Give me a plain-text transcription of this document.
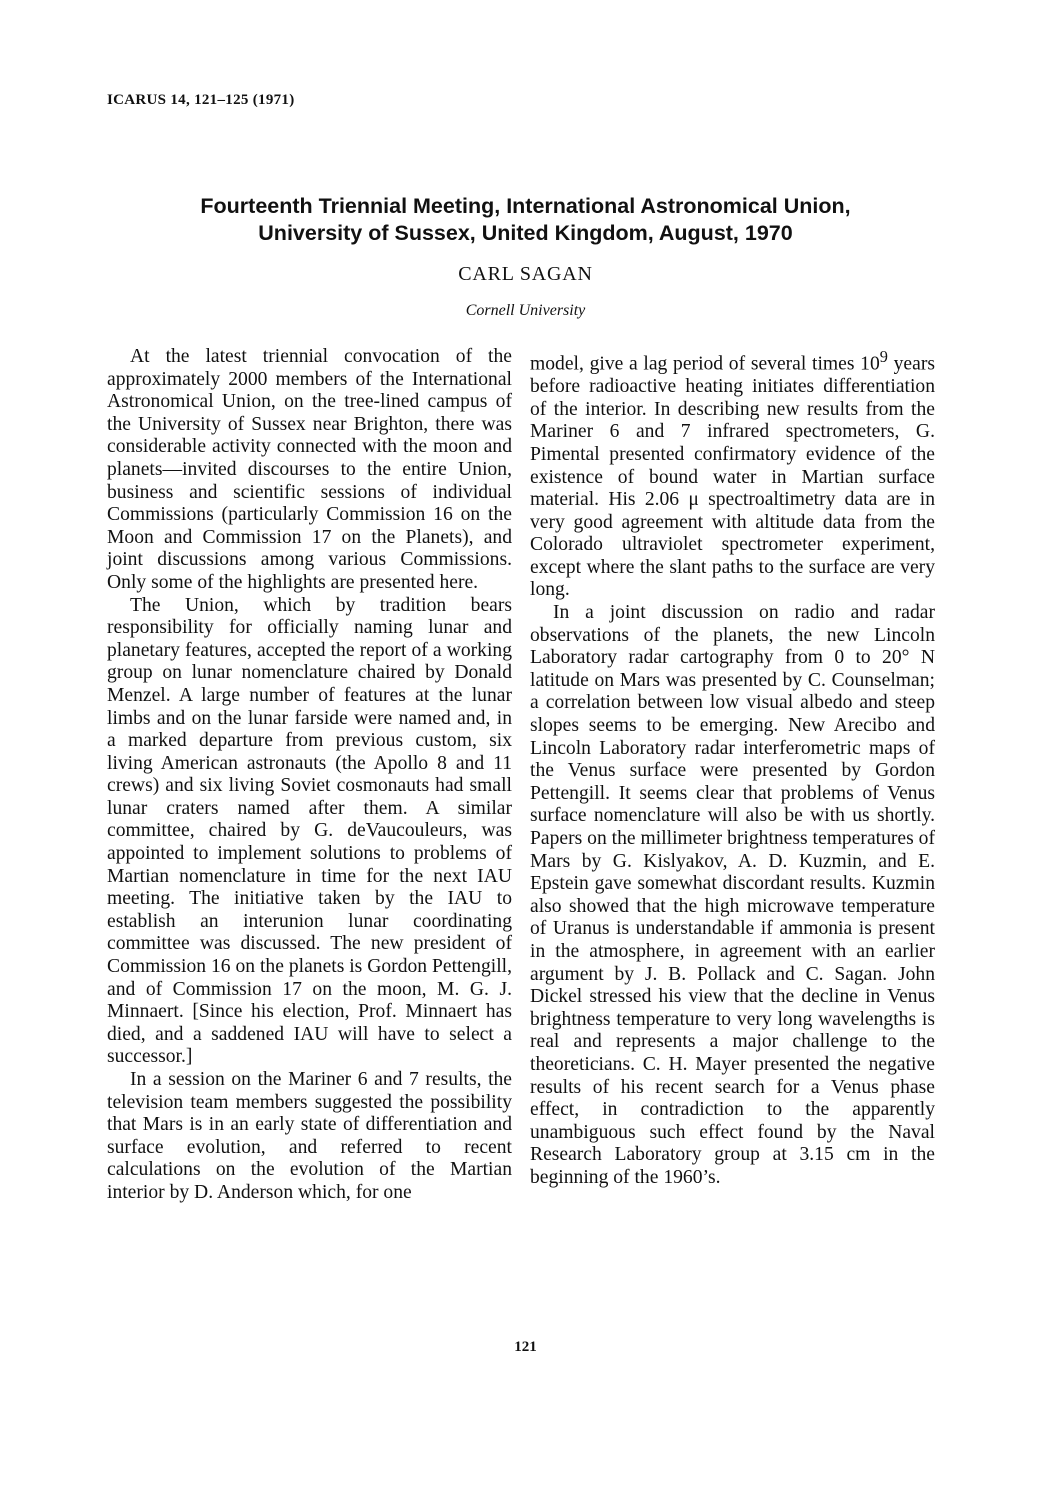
ICARUS 14, 121–125 (1971)
Fourteenth Triennial Meeting, International Astronomical Union,
University of Sussex, United Kingdom, August, 1970
CARL SAGAN
Cornell University

At the latest triennial convocation of the approximately 2000 members of the International Astronomical Union, on the tree-lined campus of the University of Sussex near Brighton, there was considerable activity connected with the moon and planets—invited discourses to the entire Union, business and scientific sessions of individual Commissions (particularly Commission 16 on the Moon and Commission 17 on the Planets), and joint discussions among various Commissions. Only some of the highlights are presented here.

The Union, which by tradition bears responsibility for officially naming lunar and planetary features, accepted the report of a working group on lunar nomenclature chaired by Donald Menzel. A large number of features at the lunar limbs and on the lunar farside were named and, in a marked departure from previous custom, six living American astronauts (the Apollo 8 and 11 crews) and six living Soviet cosmonauts had small lunar craters named after them. A similar committee, chaired by G. deVaucouleurs, was appointed to implement solutions to problems of Martian nomenclature in time for the next IAU meeting. The initiative taken by the IAU to establish an interunion lunar coordinating committee was discussed. The new president of Commission 16 on the planets is Gordon Pettengill, and of Commission 17 on the moon, M. G. J. Minnaert. [Since his election, Prof. Minnaert has died, and a saddened IAU will have to select a successor.]

In a session on the Mariner 6 and 7 results, the television team members suggested the possibility that Mars is in an early state of differentiation and surface evolution, and referred to recent calculations on the evolution of the Martian interior by D. Anderson which, for one

model, give a lag period of several times $10^9$ years before radioactive heating initiates differentiation of the interior. In describing new results from the Mariner 6 and 7 infrared spectrometers, G. Pimental presented confirmatory evidence of the existence of bound water in Martian surface material. His 2.06 μ spectroaltimetry data are in very good agreement with altitude data from the Colorado ultraviolet spectrometer experiment, except where the slant paths to the surface are very long.

In a joint discussion on radio and radar observations of the planets, the new Lincoln Laboratory radar cartography from 0 to 20° N latitude on Mars was presented by C. Counselman; a correlation between low visual albedo and steep slopes seems to be emerging. New Arecibo and Lincoln Laboratory radar interferometric maps of the Venus surface were presented by Gordon Pettengill. It seems clear that problems of Venus surface nomenclature will also be with us shortly. Papers on the millimeter brightness temperatures of Mars by G. Kislyakov, A. D. Kuzmin, and E. Epstein gave somewhat discordant results. Kuzmin also showed that the high microwave temperature of Uranus is understandable if ammonia is present in the atmosphere, in agreement with an earlier argument by J. B. Pollack and C. Sagan. John Dickel stressed his view that the decline in Venus brightness temperature to very long wavelengths is real and represents a major challenge to the theoreticians. C. H. Mayer presented the negative results of his recent search for a Venus phase effect, in contradiction to the apparently unambiguous such effect found by the Naval Research Laboratory group at 3.15 cm in the beginning of the 1960’s.

121
